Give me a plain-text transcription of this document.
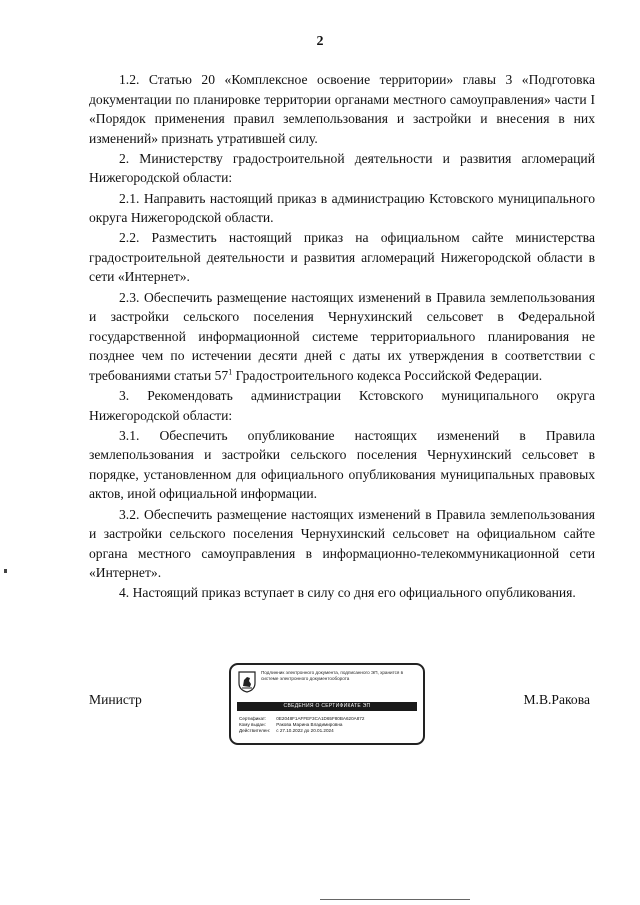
2

1.2. Статью 20 «Комплексное освоение территории» главы 3 «Подготовка документации по планировке территории органами местного самоуправления» части I «Порядок применения правил землепользования и застройки и внесения в них изменений» признать утратившей силу.

2. Министерству градостроительной деятельности и развития агломераций Нижегородской области:

2.1. Направить настоящий приказ в администрацию Кстовского муниципального округа Нижегородской области.

2.2. Разместить настоящий приказ на официальном сайте министерства градостроительной деятельности и развития агломераций Нижегородской области в сети «Интернет».

2.3. Обеспечить размещение настоящих изменений в Правила землепользования и застройки сельского поселения Чернухинский сельсовет в Федеральной государственной информационной системе территориального планирования не позднее чем по истечении десяти дней с даты их утверждения в соответствии с требованиями статьи $57^1$ Градостроительного кодекса Российской Федерации.

3. Рекомендовать администрации Кстовского муниципального округа Нижегородской области:

3.1. Обеспечить опубликование настоящих изменений в Правила землепользования и застройки сельского поселения Чернухинский сельсовет в порядке, установленном для официального опубликования муниципальных правовых актов, иной официальной информации.

3.2. Обеспечить размещение настоящих изменений в Правила землепользования и застройки сельского поселения Чернухинский сельсовет на официальном сайте органа местного самоуправления в информационно-телекоммуникационной сети «Интернет».

4. Настоящий приказ вступает в силу со дня его официального опубликования.

Министр
Подлинник электронного документа, подписанного ЭП, хранится в системе электронного документооборота
СВЕДЕНИЯ О СЕРТИФИКАТЕ ЭП
Сертификат: 0E2048F1AFFEF3CA1D65F80BA620A872
Кому выдан: Ракова Марина Владимировна
Действителен: с 27.10.2022 до 20.01.2024
М.В.Ракова
